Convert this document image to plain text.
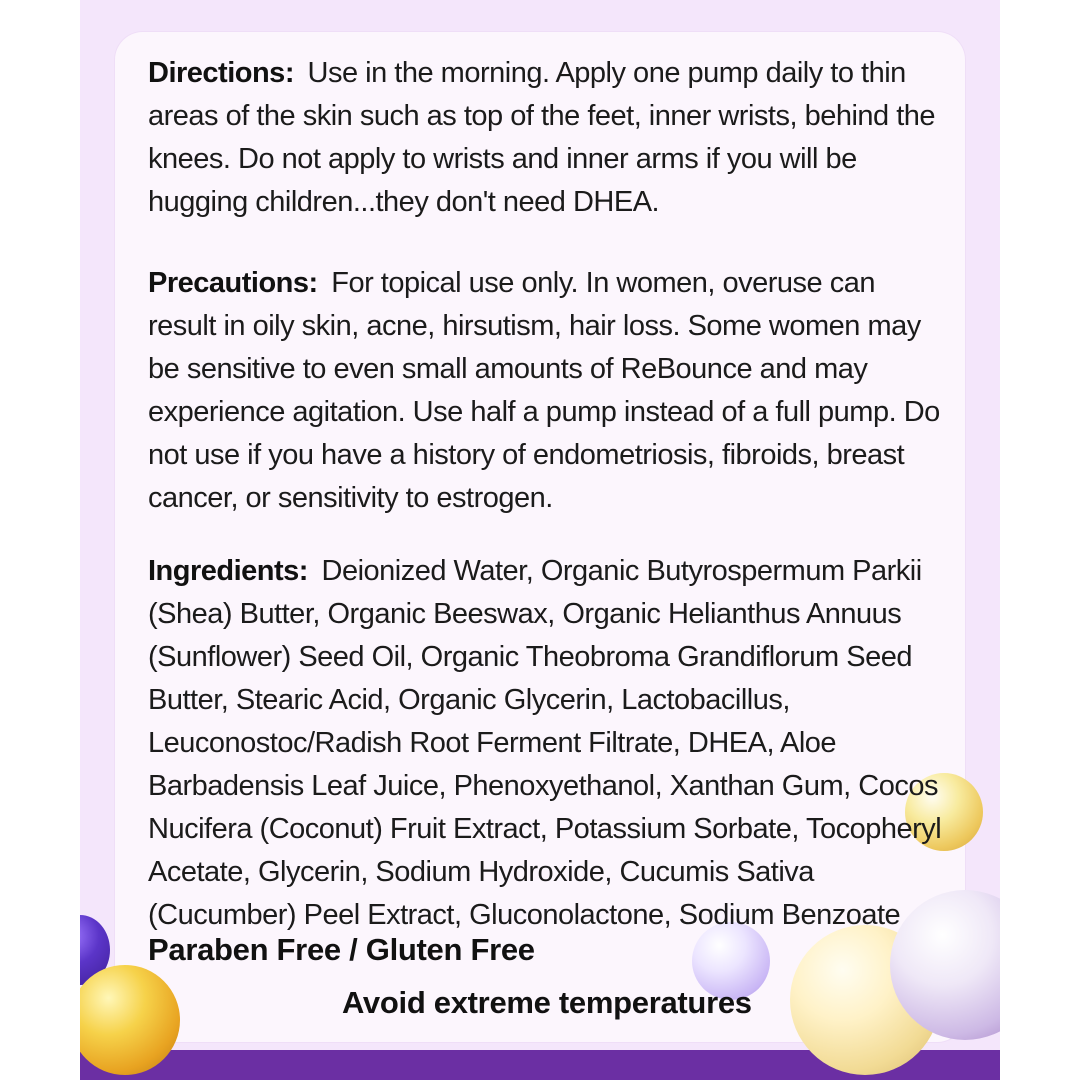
Directions: Use in the morning. Apply one pump daily to thin areas of the skin such as top of the feet, inner wrists, behind the knees. Do not apply to wrists and inner arms if you will be hugging children...they don't need DHEA.
Precautions: For topical use only. In women, overuse can result in oily skin, acne, hirsutism, hair loss. Some women may be sensitive to even small amounts of ReBounce and may experience agitation. Use half a pump instead of a full pump. Do not use if you have a history of endometriosis, fibroids, breast cancer, or sensitivity to estrogen.
Ingredients: Deionized Water, Organic Butyrospermum Parkii (Shea) Butter, Organic Beeswax, Organic Helianthus Annuus (Sunflower) Seed Oil, Organic Theobroma Grandiflorum Seed Butter, Stearic Acid, Organic Glycerin, Lactobacillus, Leuconostoc/Radish Root Ferment Filtrate, DHEA, Aloe Barbadensis Leaf Juice, Phenoxyethanol, Xanthan Gum, Cocos Nucifera (Coconut) Fruit Extract, Potassium Sorbate, Tocopheryl Acetate, Glycerin, Sodium Hydroxide, Cucumis Sativa (Cucumber) Peel Extract, Gluconolactone, Sodium Benzoate
Paraben Free / Gluten Free
Avoid extreme temperatures
